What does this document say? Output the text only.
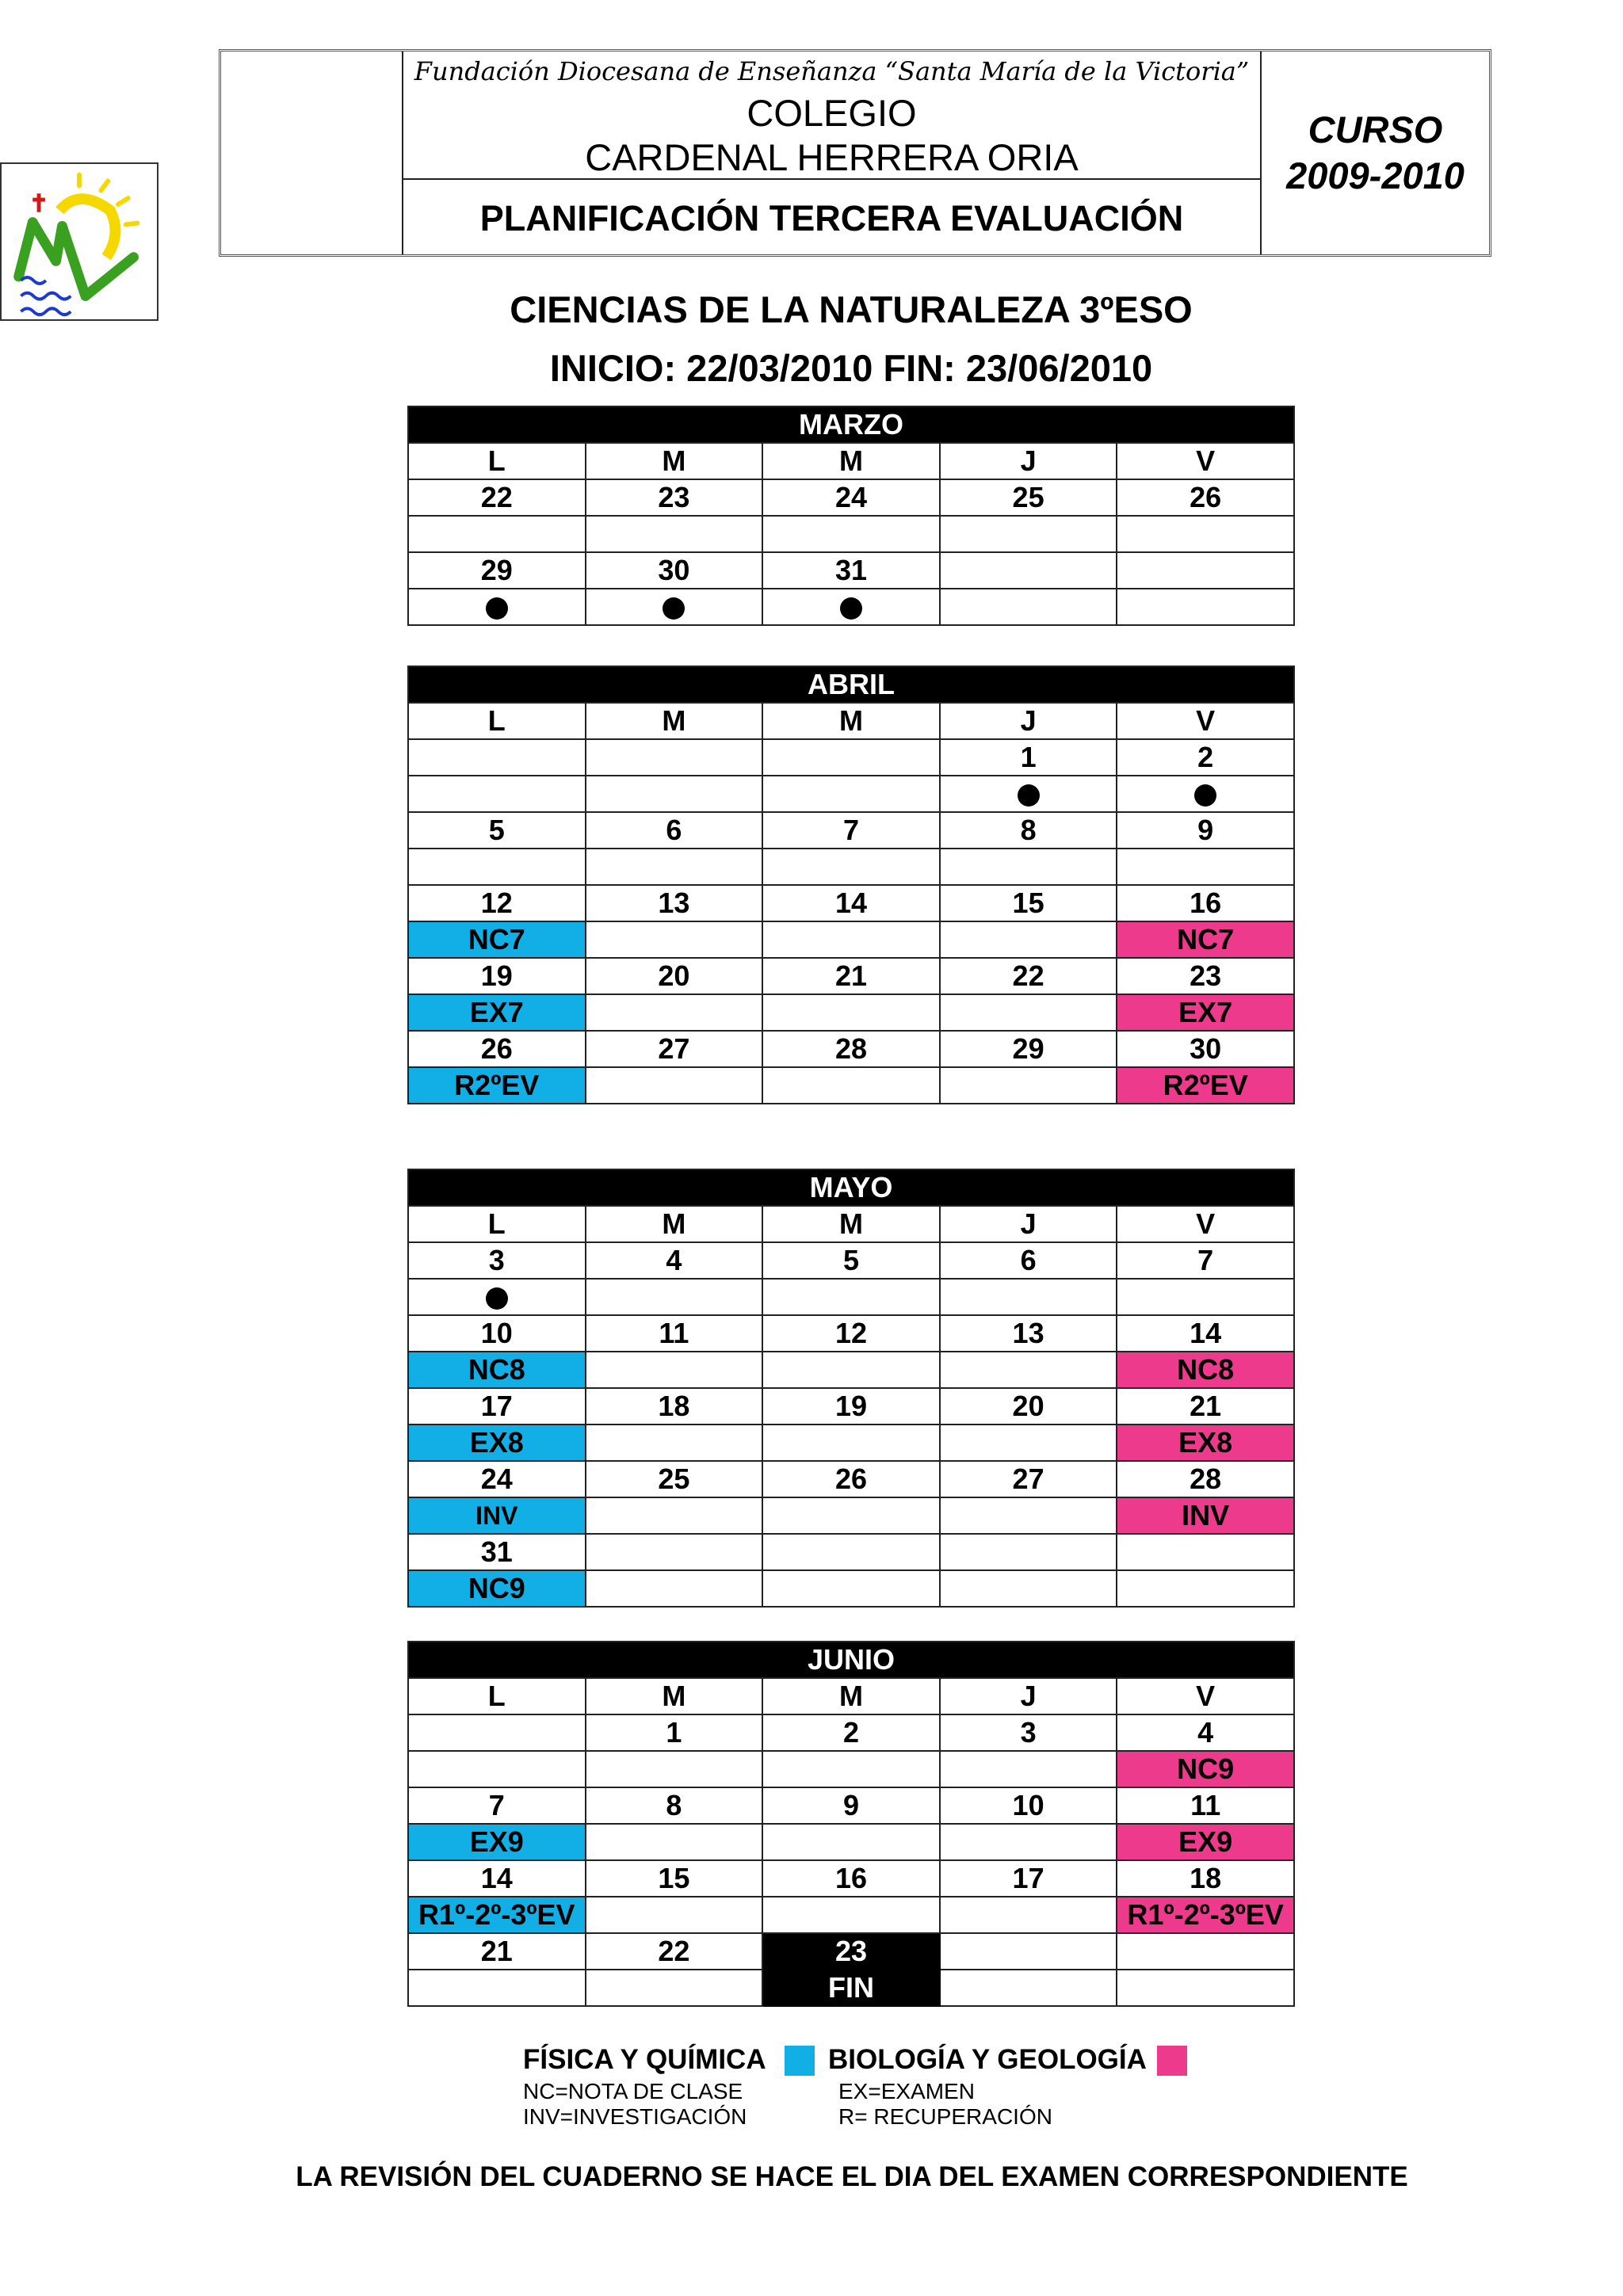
Fundación Diocesana de Enseñanza “Santa María de la Victoria”
COLEGIO
CARDENAL HERRERA ORIA
PLANIFICACIÓN TERCERA EVALUACIÓN
CURSO
2009-2010
CIENCIAS DE LA NATURALEZA 3ºESO
INICIO: 22/03/2010 FIN: 23/06/2010
MARZO				
L	M	M	J	V
22	23	24	25	26

29	30	31		

ABRIL				
L	M	M	J	V
			1	2

5	6	7	8	9

12	13	14	15	16
NC7				NC7
19	20	21	22	23
EX7				EX7
26	27	28	29	30
R2ºEV				R2ºEV
MAYO				
L	M	M	J	V
3	4	5	6	7

10	11	12	13	14
NC8				NC8
17	18	19	20	21
EX8				EX8
24	25	26	27	28
INV				INV
31				
NC9				
JUNIO				
L	M	M	J	V
	1	2	3	4
				NC9
7	8	9	10	11
EX9				EX9
14	15	16	17	18
R1º-2º-3ºEV				R1º-2º-3ºEV
21	22	23		
		FIN		
FÍSICA Y QUÍMICA BIOLOGÍA Y GEOLOGÍA
NC=NOTA DE CLASE
INV=INVESTIGACIÓN
EX=EXAMEN
R= RECUPERACIÓN
LA REVISIÓN DEL CUADERNO SE HACE EL DIA DEL EXAMEN CORRESPONDIENTE
